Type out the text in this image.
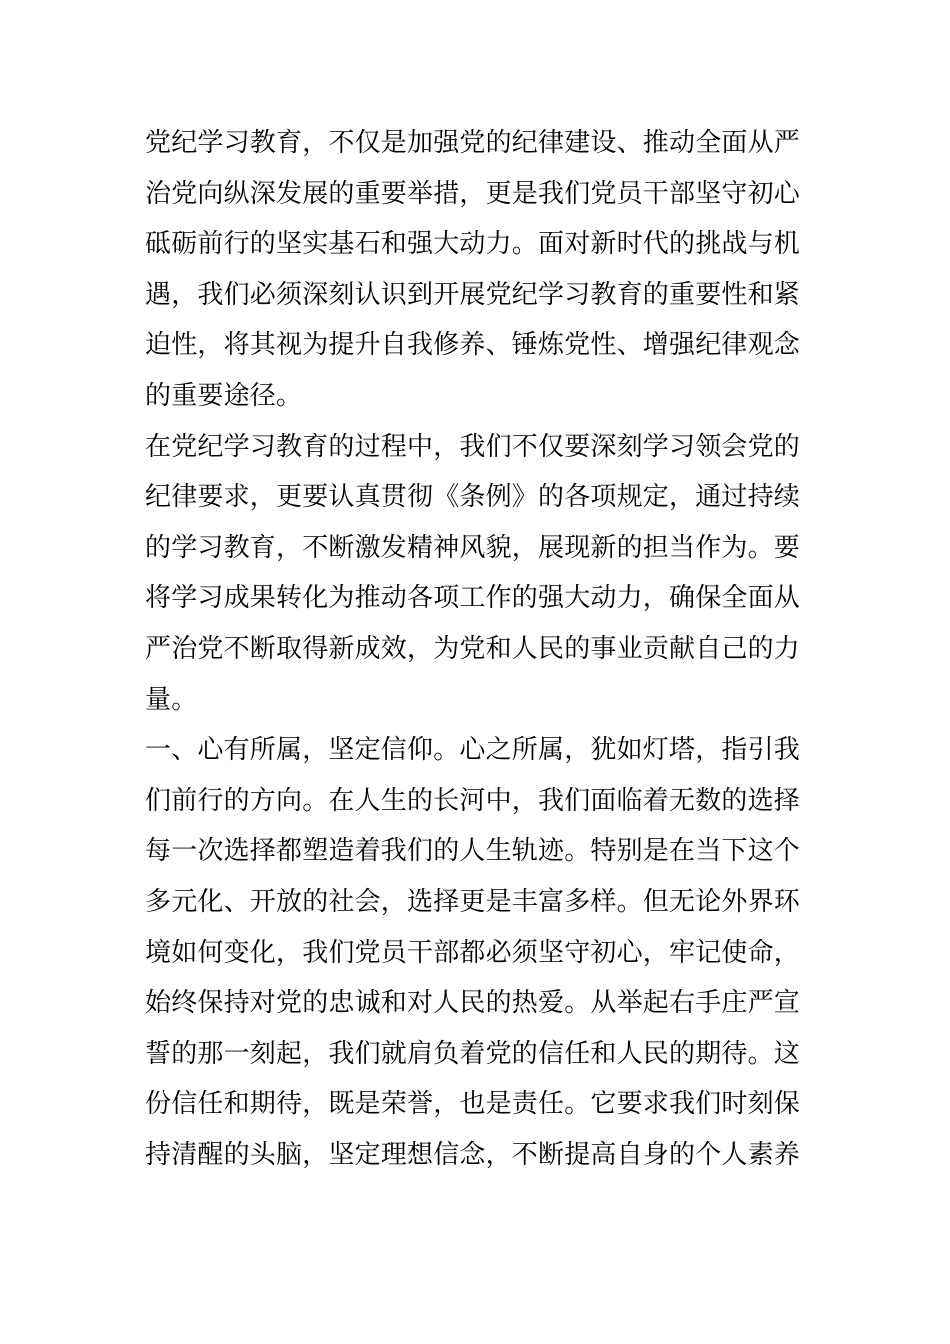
党纪学习教育，不仅是加强党的纪律建设、推动全面从严
治党向纵深发展的重要举措，更是我们党员干部坚守初心
砥砺前行的坚实基石和强大动力。面对新时代的挑战与机
遇，我们必须深刻认识到开展党纪学习教育的重要性和紧
迫性，将其视为提升自我修养、锤炼党性、增强纪律观念
的重要途径。
在党纪学习教育的过程中，我们不仅要深刻学习领会党的
纪律要求，更要认真贯彻《条例》的各项规定，通过持续
的学习教育，不断激发精神风貌，展现新的担当作为。要
将学习成果转化为推动各项工作的强大动力，确保全面从
严治党不断取得新成效，为党和人民的事业贡献自己的力
量。
一、心有所属，坚定信仰。心之所属，犹如灯塔，指引我
们前行的方向。在人生的长河中，我们面临着无数的选择
每一次选择都塑造着我们的人生轨迹。特别是在当下这个
多元化、开放的社会，选择更是丰富多样。但无论外界环
境如何变化，我们党员干部都必须坚守初心，牢记使命，
始终保持对党的忠诚和对人民的热爱。从举起右手庄严宣
誓的那一刻起，我们就肩负着党的信任和人民的期待。这
份信任和期待，既是荣誉，也是责任。它要求我们时刻保
持清醒的头脑，坚定理想信念，不断提高自身的个人素养
